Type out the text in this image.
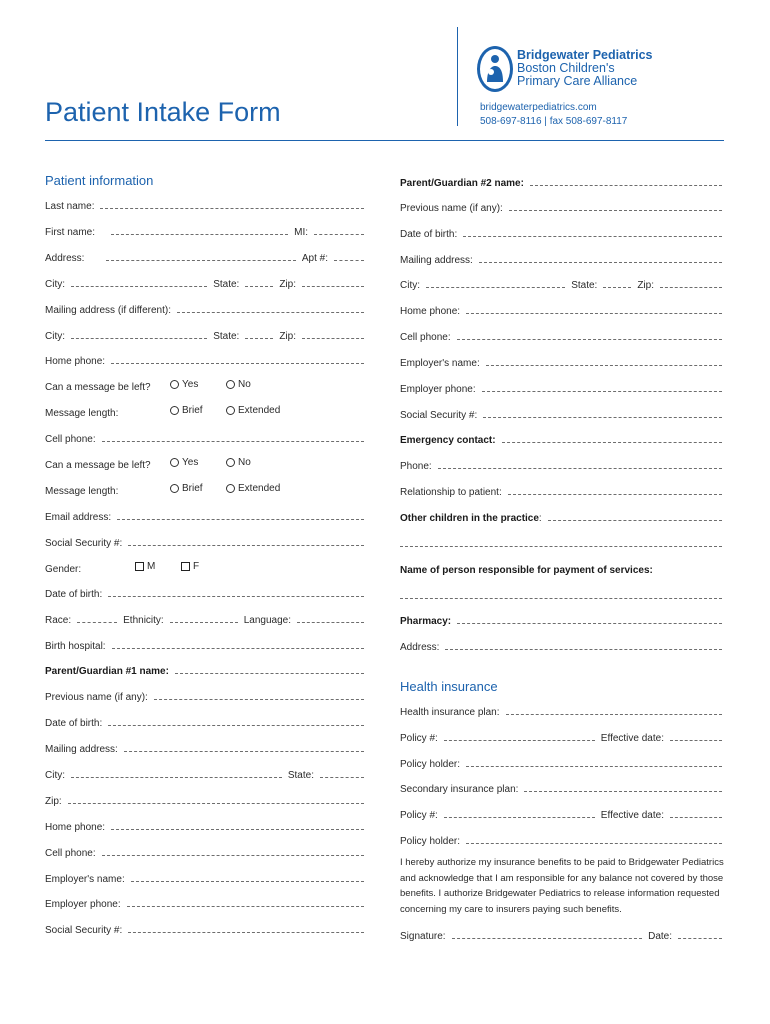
Patient Intake Form
Bridgewater Pediatrics
Boston Children's
Primary Care Alliance
bridgewaterpediatrics.com
508-697-8116 | fax 508-697-8117
Patient information
Last name:
First name:	MI:
Address:	Apt #:
City:	State:	Zip:
Mailing address (if different):
City:	State:	Zip:
Home phone:
Can a message be left?	Yes	No
Message length:	Brief	Extended
Cell phone:
Can a message be left?	Yes	No
Message length:	Brief	Extended
Email address:
Social Security #:
Gender:	M	F
Date of birth:
Race:	Ethnicity:	Language:
Birth hospital:
Parent/Guardian #1 name:
Previous name (if any):
Date of birth:
Mailing address:
City:	State:
Zip:
Home phone:
Cell phone:
Employer's name:
Employer phone:
Social Security #:
Parent/Guardian #2 name:
Previous name (if any):
Date of birth:
Mailing address:
City:	State:	Zip:
Home phone:
Cell phone:
Employer's name:
Employer phone:
Social Security #:
Emergency contact:
Phone:
Relationship to patient:
Other children in the practice :
Name of person responsible for payment of services:
Pharmacy:
Address:
Health insurance
Health insurance plan:
Policy #:	Effective date:
Policy holder:
Secondary insurance plan:
Policy #:	Effective date:
Policy holder:
I hereby authorize my insurance benefits to be paid to Bridgewater Pediatrics
and acknowledge that I am responsible for any balance not covered by those
benefits. I authorize Bridgewater Pediatrics to release information requested
concerning my care to insurers paying such benefits.
Signature:	Date:
